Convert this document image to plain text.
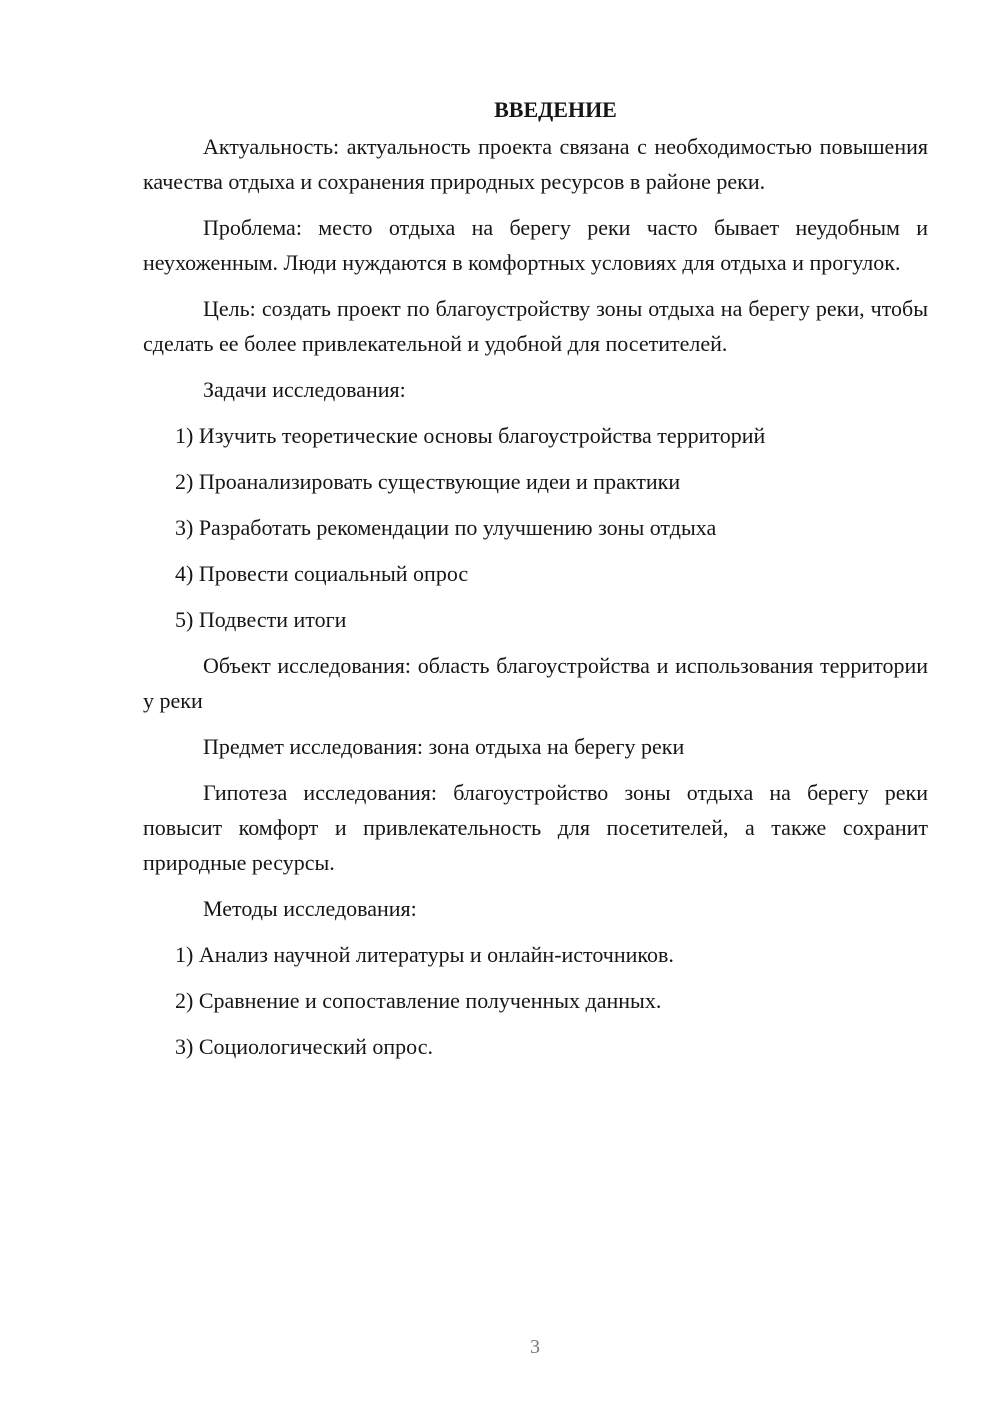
ВВЕДЕНИЕ

Актуальность: актуальность проекта связана с необходимостью повышения качества отдыха и сохранения природных ресурсов в районе реки.

Проблема: место отдыха на берегу реки часто бывает неудобным и неухоженным. Люди нуждаются в комфортных условиях для отдыха и прогулок.

Цель: создать проект по благоустройству зоны отдыха на берегу реки, чтобы сделать ее более привлекательной и удобной для посетителей.

Задачи исследования:

1) Изучить теоретические основы благоустройства территорий
2) Проанализировать существующие идеи и практики
3) Разработать рекомендации по улучшению зоны отдыха
4) Провести социальный опрос
5) Подвести итоги

Объект исследования: область благоустройства и использования территории у реки

Предмет исследования: зона отдыха на берегу реки

Гипотеза исследования: благоустройство зоны отдыха на берегу реки повысит комфорт и привлекательность для посетителей, а также сохранит природные ресурсы.

Методы исследования:

1) Анализ научной литературы и онлайн-источников.
2) Сравнение и сопоставление полученных данных.
3) Социологический опрос.
3
